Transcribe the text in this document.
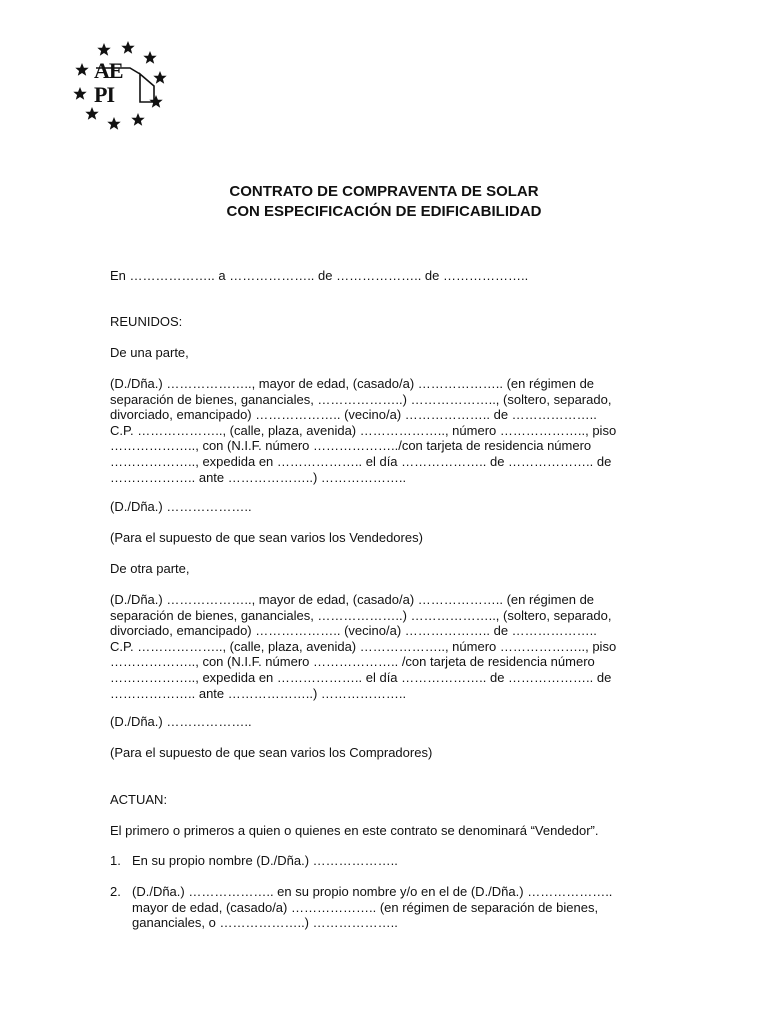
AE
PI
CONTRATO DE COMPRAVENTA DE SOLAR
CON ESPECIFICACIÓN DE EDIFICABILIDAD
En ……………….. a ……………….. de ……………….. de ………………..
REUNIDOS:
De una parte,
(D./Dña.) ……………….., mayor de edad, (casado/a) ……………….. (en régimen de
separación de bienes, gananciales, ………………..) ……………….., (soltero, separado,
divorciado, emancipado) ……………….. (vecino/a) ……………….. de ………………..
C.P. ……………….., (calle, plaza, avenida) ……………….., número ……………….., piso
……………….., con (N.I.F. número ………………../con tarjeta de residencia número
……………….., expedida en ……………….. el día ……………….. de ……………….. de
……………….. ante ………………..) ………………..
(D./Dña.) ………………..
(Para el supuesto de que sean varios los Vendedores)
De otra parte,
(D./Dña.) ……………….., mayor de edad, (casado/a) ……………….. (en régimen de
separación de bienes, gananciales, ………………..) ……………….., (soltero, separado,
divorciado, emancipado) ……………….. (vecino/a) ……………….. de ………………..
C.P. ……………….., (calle, plaza, avenida) ……………….., número ……………….., piso
……………….., con (N.I.F. número ……………….. /con tarjeta de residencia número
……………….., expedida en ……………….. el día ……………….. de ……………….. de
……………….. ante ………………..) ………………..
(D./Dña.) ………………..
(Para el supuesto de que sean varios los Compradores)
ACTUAN:
El primero o primeros a quien o quienes en este contrato se denominará “Vendedor”.
1. En su propio nombre (D./Dña.) ………………..
2. (D./Dña.) ……………….. en su propio nombre y/o en el de (D./Dña.) ………………..
mayor de edad, (casado/a) ……………….. (en régimen de separación de bienes,
gananciales, o ………………..) ………………..
